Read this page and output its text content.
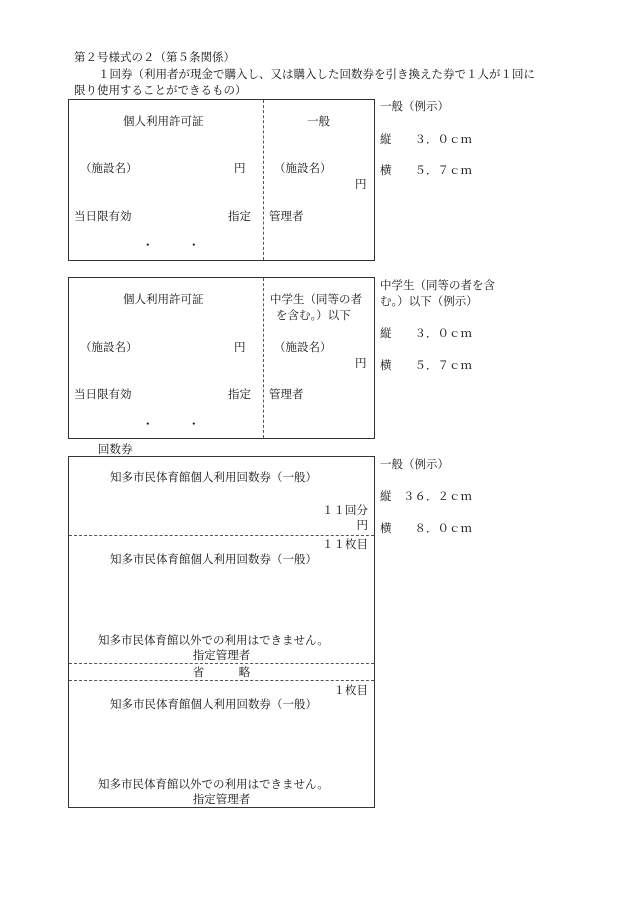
第２号様式の２（第５条関係）
１回券（利用者が現金で購入し、又は購入した回数券を引き換えた券で１人が１回に
限り使用することができるもの）
個人利用許可証
（施設名）	円
当日限有効	指定
・　　　・
一般
（施設名）
円
管理者
一般（例示）
縦　　３．０ｃｍ
横　　５．７ｃｍ
個人利用許可証
（施設名）	円
当日限有効	指定
・　　　・
中学生（同等の者
を含む。）以下
（施設名）
円
管理者
中学生（同等の者を含
む。）以下（例示）
縦　　３．０ｃｍ
横　　５．７ｃｍ
回数券
知多市民体育館個人利用回数券（一般）
１１回分
円
１１枚目
知多市民体育館個人利用回数券（一般）
知多市民体育館以外での利用はできません。
指定管理者
省　　　略
１枚目
知多市民体育館個人利用回数券（一般）
知多市民体育館以外での利用はできません。
指定管理者
一般（例示）
縦　３６．２ｃｍ
横　　８．０ｃｍ
